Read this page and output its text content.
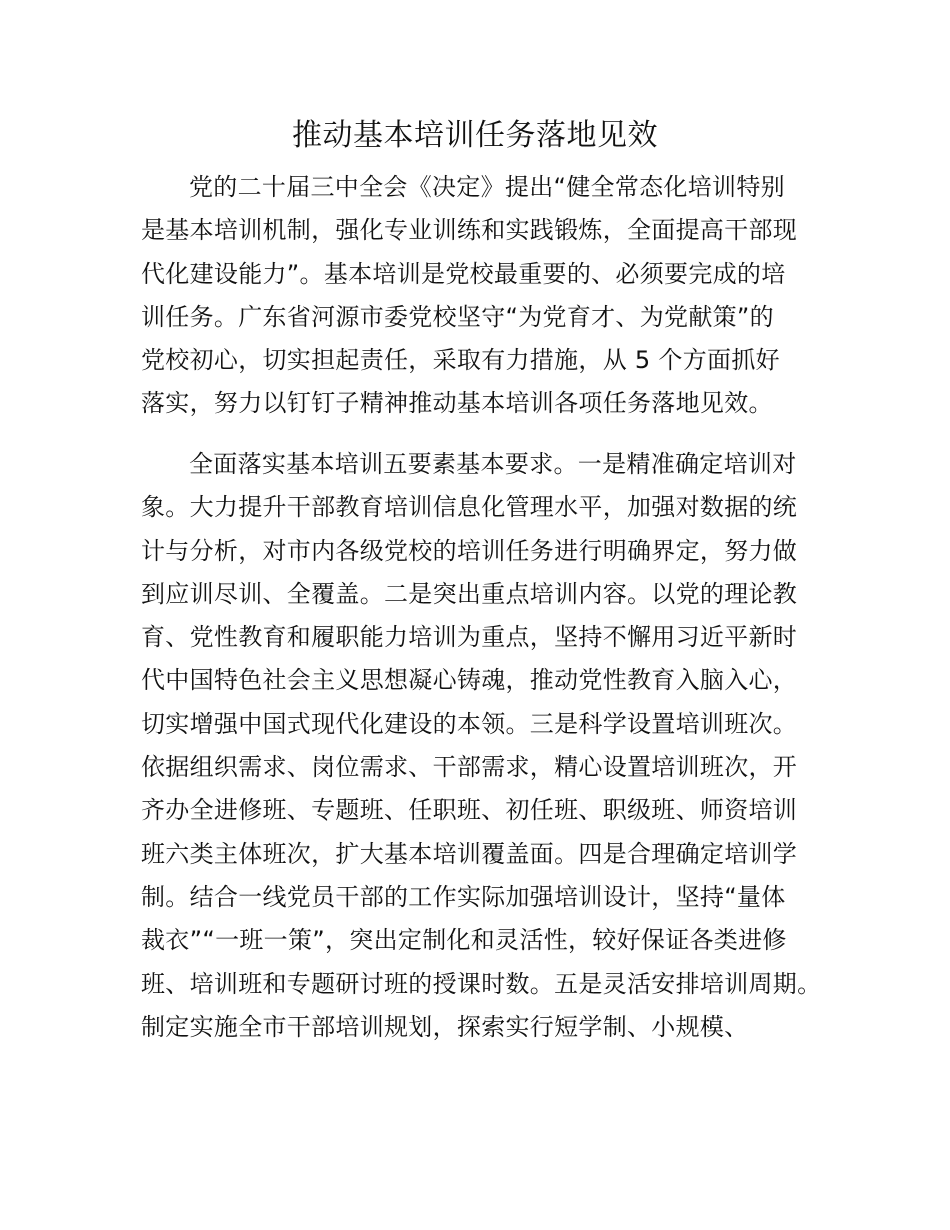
推动基本培训任务落地见效
党的二十届三中全会《决定》提出“健全常态化培训特别
是基本培训机制，强化专业训练和实践锻炼，全面提高干部现
代化建设能力”。基本培训是党校最重要的、必须要完成的培
训任务。广东省河源市委党校坚守“为党育才、为党献策”的
党校初心，切实担起责任，采取有力措施，从 5 个方面抓好
落实，努力以钉钉子精神推动基本培训各项任务落地见效。
全面落实基本培训五要素基本要求。一是精准确定培训对
象。大力提升干部教育培训信息化管理水平，加强对数据的统
计与分析，对市内各级党校的培训任务进行明确界定，努力做
到应训尽训、全覆盖。二是突出重点培训内容。以党的理论教
育、党性教育和履职能力培训为重点，坚持不懈用习近平新时
代中国特色社会主义思想凝心铸魂，推动党性教育入脑入心，
切实增强中国式现代化建设的本领。三是科学设置培训班次。
依据组织需求、岗位需求、干部需求，精心设置培训班次，开
齐办全进修班、专题班、任职班、初任班、职级班、师资培训
班六类主体班次，扩大基本培训覆盖面。四是合理确定培训学
制。结合一线党员干部的工作实际加强培训设计，坚持“量体
裁衣”“一班一策”，突出定制化和灵活性，较好保证各类进修
班、培训班和专题研讨班的授课时数。五是灵活安排培训周期。
制定实施全市干部培训规划，探索实行短学制、小规模、
